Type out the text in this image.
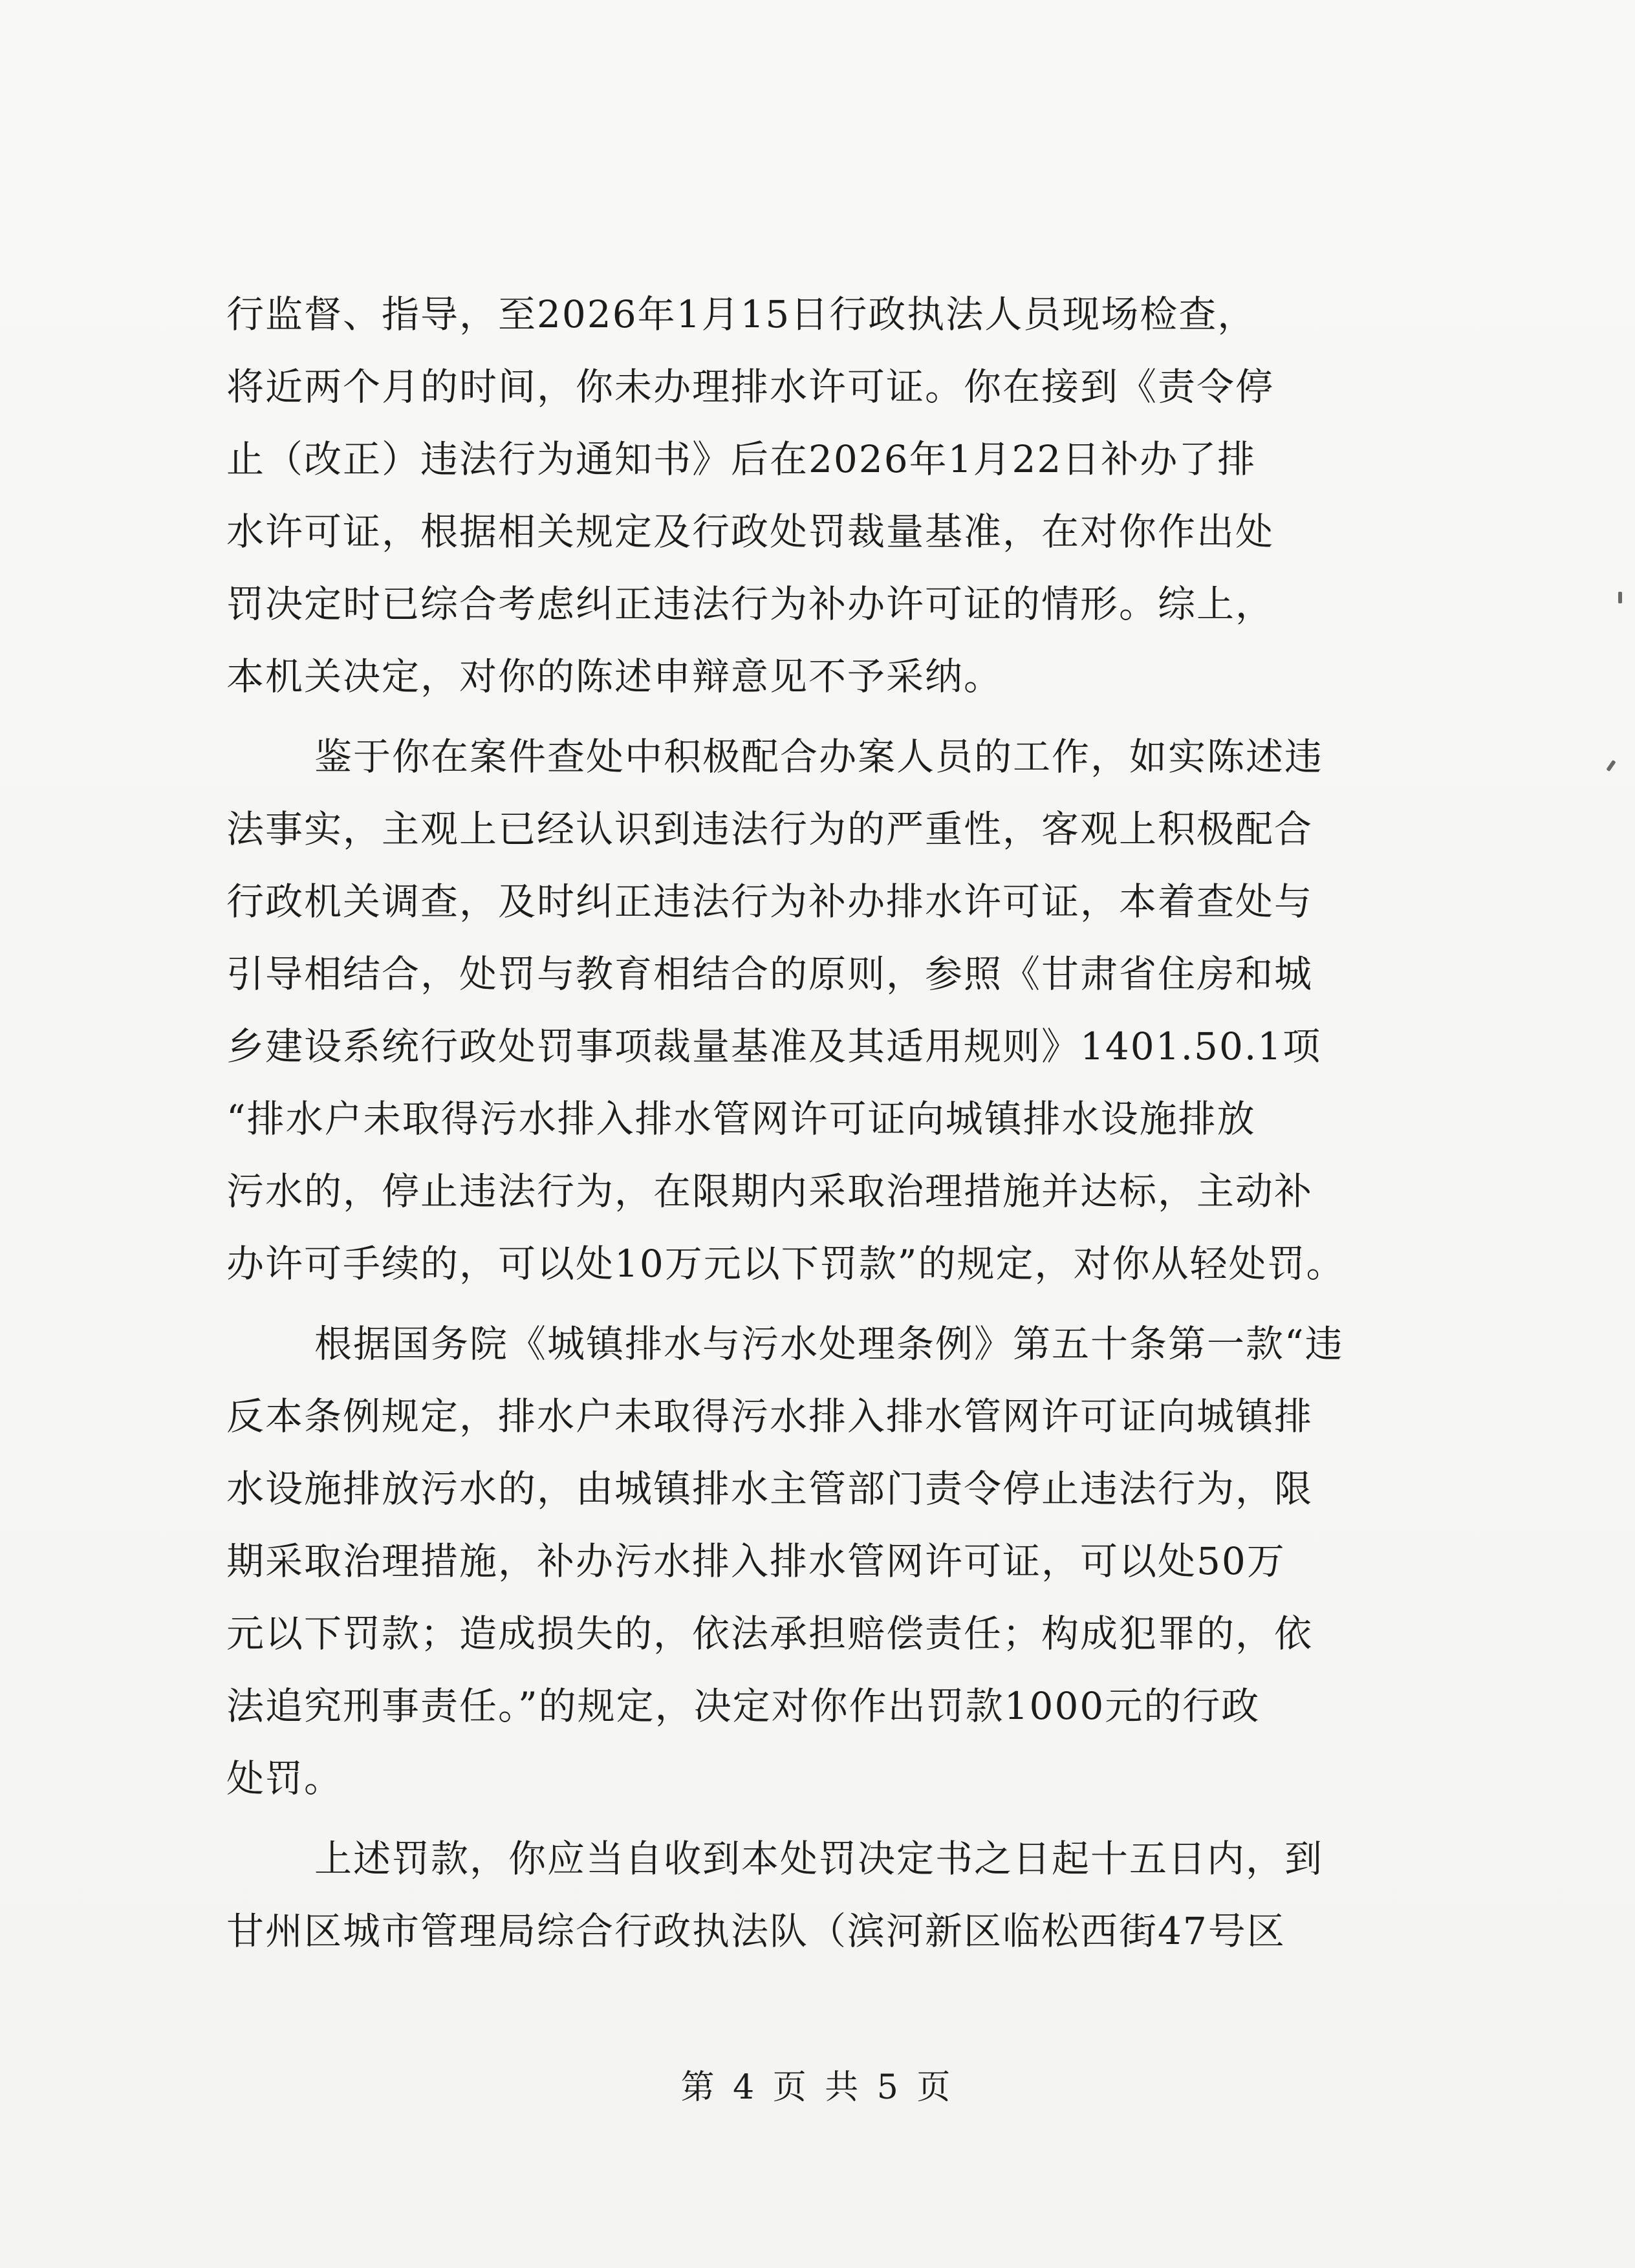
行监督、指导，至2026年1月15日行政执法人员现场检查，
将近两个月的时间，你未办理排水许可证。你在接到《责令停
止（改正）违法行为通知书》后在2026年1月22日补办了排
水许可证，根据相关规定及行政处罚裁量基准，在对你作出处
罚决定时已综合考虑纠正违法行为补办许可证的情形。综上，
本机关决定，对你的陈述申辩意见不予采纳。
鉴于你在案件查处中积极配合办案人员的工作，如实陈述违
法事实，主观上已经认识到违法行为的严重性，客观上积极配合
行政机关调查，及时纠正违法行为补办排水许可证，本着查处与
引导相结合，处罚与教育相结合的原则，参照《甘肃省住房和城
乡建设系统行政处罚事项裁量基准及其适用规则》1401.50.1项
“排水户未取得污水排入排水管网许可证向城镇排水设施排放
污水的，停止违法行为，在限期内采取治理措施并达标，主动补
办许可手续的，可以处10万元以下罚款”的规定，对你从轻处罚。
根据国务院《城镇排水与污水处理条例》第五十条第一款“违
反本条例规定，排水户未取得污水排入排水管网许可证向城镇排
水设施排放污水的，由城镇排水主管部门责令停止违法行为，限
期采取治理措施，补办污水排入排水管网许可证，可以处50万
元以下罚款；造成损失的，依法承担赔偿责任；构成犯罪的，依
法追究刑事责任。”的规定，决定对你作出罚款1000元的行政
处罚。
上述罚款，你应当自收到本处罚决定书之日起十五日内，到
甘州区城市管理局综合行政执法队（滨河新区临松西街47号区
第 4 页 共 5 页
